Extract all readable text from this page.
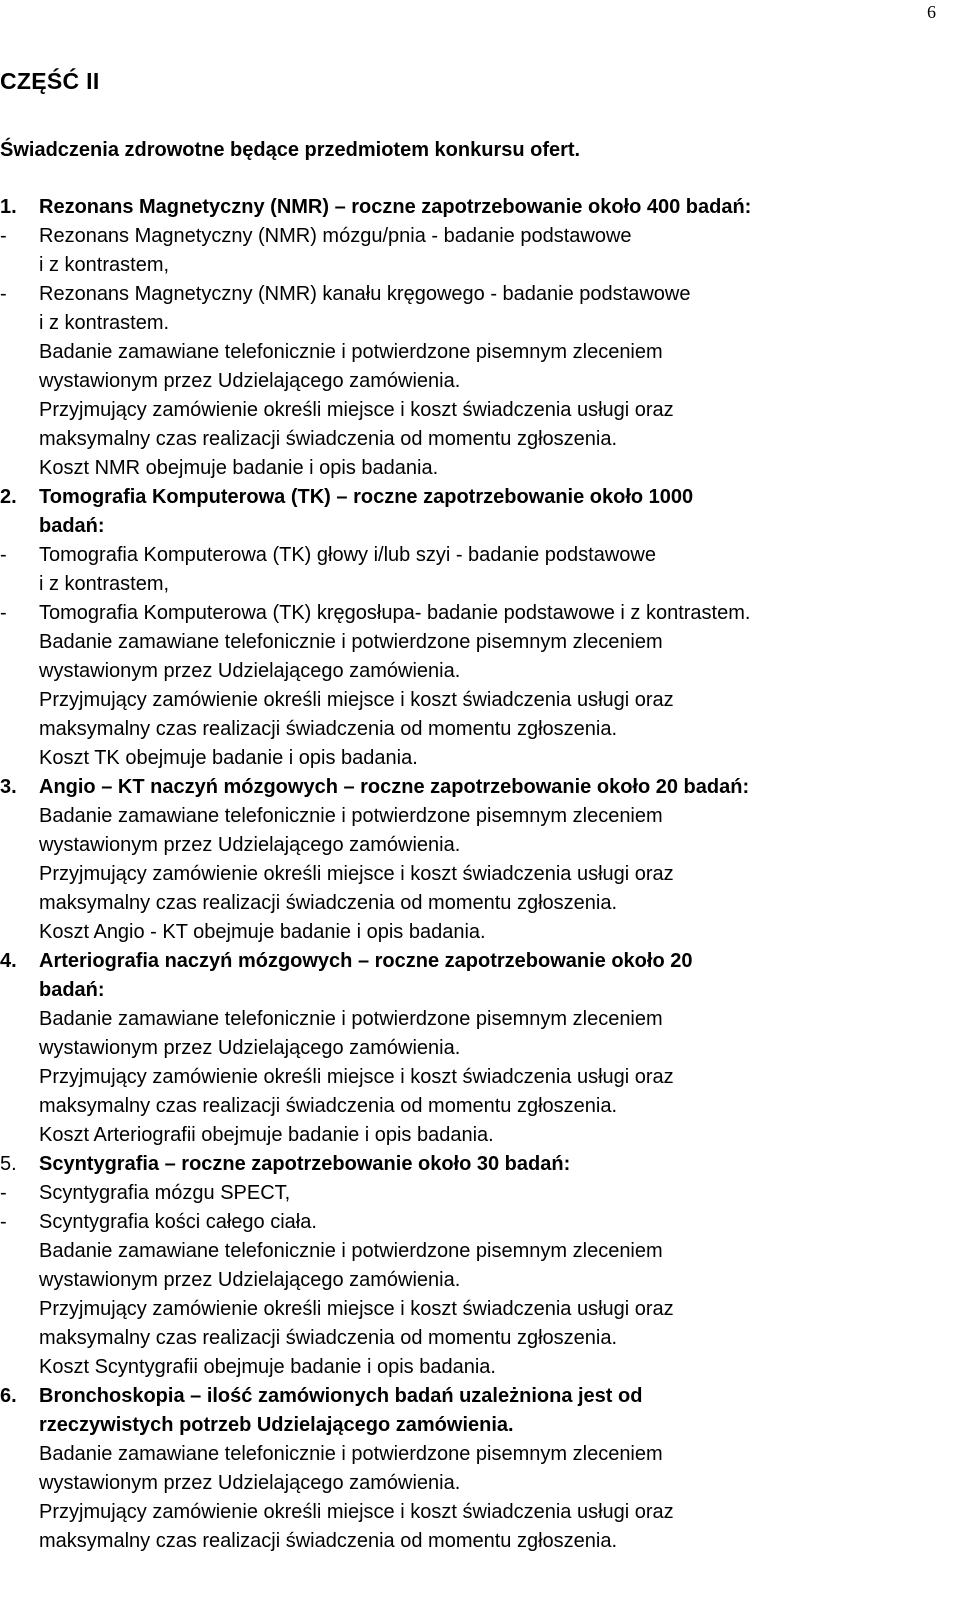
6
CZĘŚĆ II
Świadczenia zdrowotne będące przedmiotem konkursu ofert.
1. Rezonans Magnetyczny (NMR) – roczne zapotrzebowanie około 400 badań:
- Rezonans Magnetyczny (NMR) mózgu/pnia - badanie podstawowe
i z kontrastem,
- Rezonans Magnetyczny (NMR) kanału kręgowego - badanie podstawowe
i z kontrastem.
Badanie zamawiane telefonicznie i potwierdzone pisemnym zleceniem
wystawionym przez Udzielającego zamówienia.
Przyjmujący zamówienie określi miejsce i koszt świadczenia usługi oraz
maksymalny czas realizacji świadczenia od momentu zgłoszenia.
Koszt NMR obejmuje badanie i opis badania.
2. Tomografia Komputerowa (TK) – roczne zapotrzebowanie około 1000
badań:
- Tomografia Komputerowa (TK) głowy i/lub szyi - badanie podstawowe
i z kontrastem,
- Tomografia Komputerowa (TK) kręgosłupa- badanie podstawowe i z kontrastem.
Badanie zamawiane telefonicznie i potwierdzone pisemnym zleceniem
wystawionym przez Udzielającego zamówienia.
Przyjmujący zamówienie określi miejsce i koszt świadczenia usługi oraz
maksymalny czas realizacji świadczenia od momentu zgłoszenia.
Koszt TK obejmuje badanie i opis badania.
3. Angio – KT naczyń mózgowych – roczne zapotrzebowanie około 20 badań:
Badanie zamawiane telefonicznie i potwierdzone pisemnym zleceniem
wystawionym przez Udzielającego zamówienia.
Przyjmujący zamówienie określi miejsce i koszt świadczenia usługi oraz
maksymalny czas realizacji świadczenia od momentu zgłoszenia.
Koszt Angio - KT obejmuje badanie i opis badania.
4. Arteriografia naczyń mózgowych – roczne zapotrzebowanie około 20
badań:
Badanie zamawiane telefonicznie i potwierdzone pisemnym zleceniem
wystawionym przez Udzielającego zamówienia.
Przyjmujący zamówienie określi miejsce i koszt świadczenia usługi oraz
maksymalny czas realizacji świadczenia od momentu zgłoszenia.
Koszt Arteriografii obejmuje badanie i opis badania.
5. Scyntygrafia – roczne zapotrzebowanie około 30 badań:
- Scyntygrafia mózgu SPECT,
- Scyntygrafia kości całego ciała.
Badanie zamawiane telefonicznie i potwierdzone pisemnym zleceniem
wystawionym przez Udzielającego zamówienia.
Przyjmujący zamówienie określi miejsce i koszt świadczenia usługi oraz
maksymalny czas realizacji świadczenia od momentu zgłoszenia.
Koszt Scyntygrafii obejmuje badanie i opis badania.
6. Bronchoskopia – ilość zamówionych badań uzależniona jest od
rzeczywistych potrzeb Udzielającego zamówienia.
Badanie zamawiane telefonicznie i potwierdzone pisemnym zleceniem
wystawionym przez Udzielającego zamówienia.
Przyjmujący zamówienie określi miejsce i koszt świadczenia usługi oraz
maksymalny czas realizacji świadczenia od momentu zgłoszenia.
